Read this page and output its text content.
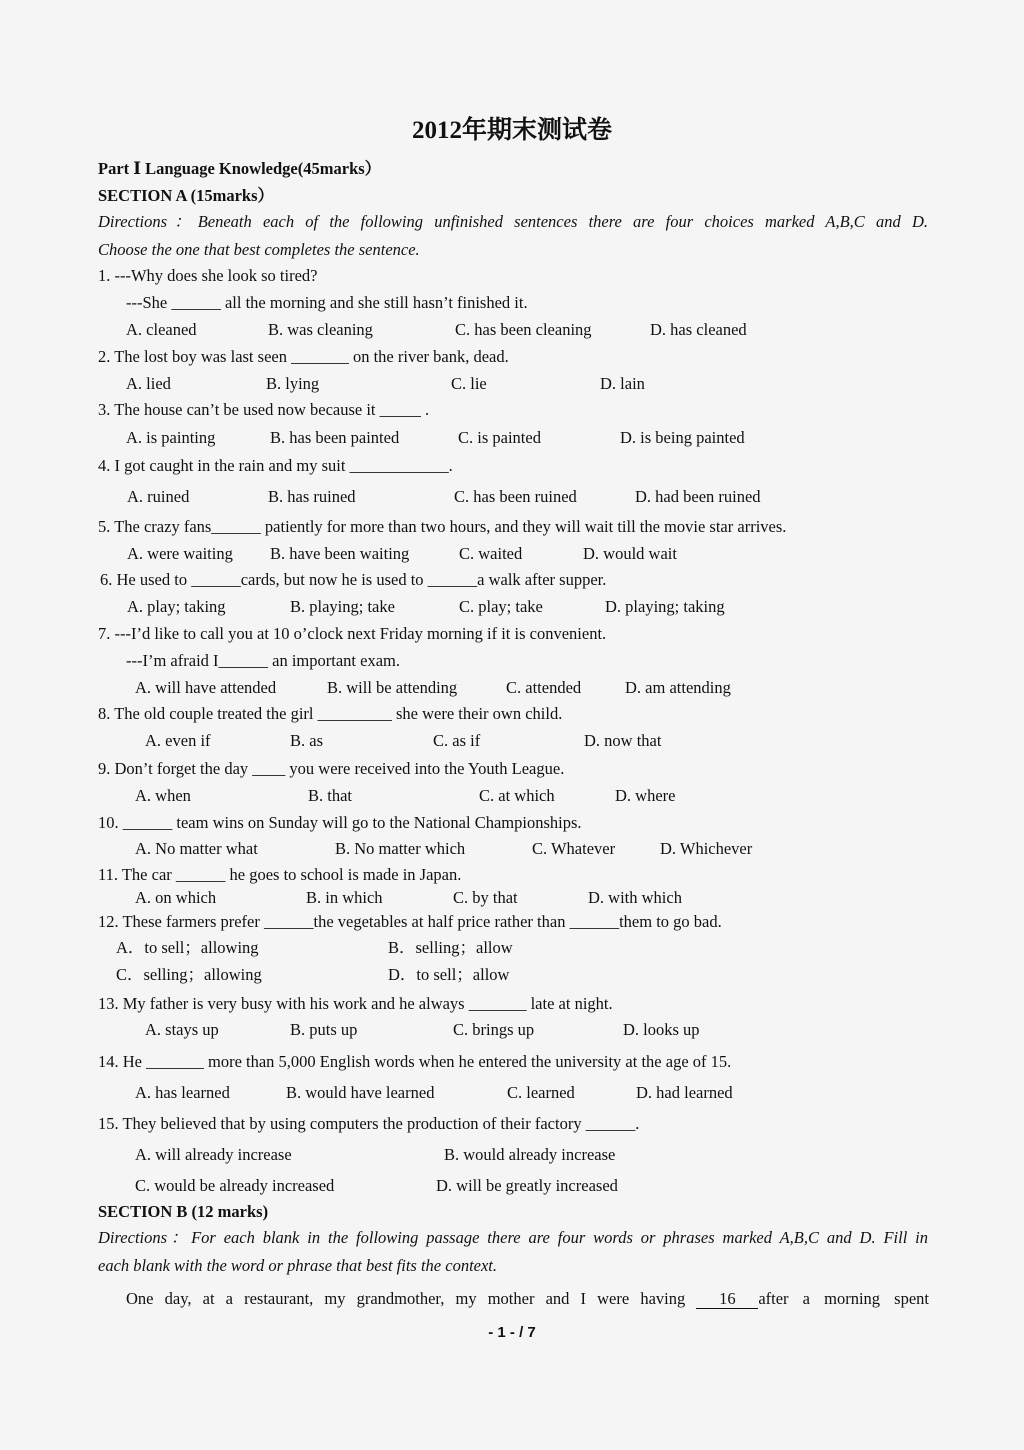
2012年期末测试卷
Part Ⅰ Language Knowledge(45marks）
SECTION A (15marks）
Directions：Beneath each of the following unfinished sentences there are four choices marked A,B,C and D.
Choose the one that best completes the sentence.
1. ---Why does she look so tired?
---She ______ all the morning and she still hasn’t finished it.
A. cleaned	B. was cleaning	C. has been cleaning	D. has cleaned
2. The lost boy was last seen _______ on the river bank, dead.
A. lied	B. lying	C. lie	D. lain
3. The house can’t be used now because it _____ .
A. is painting	B. has been painted	C. is painted	D. is being painted
4. I got caught in the rain and my suit ____________.
A. ruined	B. has ruined	C. has been ruined	D. had been ruined
5. The crazy fans______ patiently for more than two hours, and they will wait till the movie star arrives.
A. were waiting B. have been waiting	C. waited	D. would wait
6. He used to ______cards, but now he is used to ______a walk after supper.
A. play; taking	B. playing; take	C. play; take	D. playing; taking
7. ---I’d like to call you at 10 o’clock next Friday morning if it is convenient.
---I’m afraid I______ an important exam.
A. will have attended	B. will be attending	C. attended	D. am attending
8. The old couple treated the girl _________ she were their own child.
A. even if	B. as	C. as if	D. now that
9. Don’t forget the day ____ you were received into the Youth League.
A. when	B. that	C. at which	D. where
10. ______ team wins on Sunday will go to the National Championships.
A. No matter what	B. No matter which	C. Whatever	D. Whichever
11. The car ______ he goes to school is made in Japan.
A. on which	B. in which	C. by that	D. with which
12. These farmers prefer ______the vegetables at half price rather than ______them to go bad.
A．to sell；allowing	B．selling；allow
C．selling；allowing	D．to sell；allow
13. My father is very busy with his work and he always _______ late at night.
A. stays up	B. puts up	C. brings up	D. looks up
14. He _______ more than 5,000 English words when he entered the university at the age of 15.
A. has learned	B. would have learned	C. learned	D. had learned
15. They believed that by using computers the production of their factory ______.
A. will already increase	B. would already increase
C. would be already increased	D. will be greatly increased
SECTION B (12 marks)
Directions：For each blank in the following passage there are four words or phrases marked A,B,C and D. Fill in
each blank with the word or phrase that best fits the context.
One day, at a restaurant, my grandmother, my mother and I were having	16 after a morning spent
- 1 - / 7
